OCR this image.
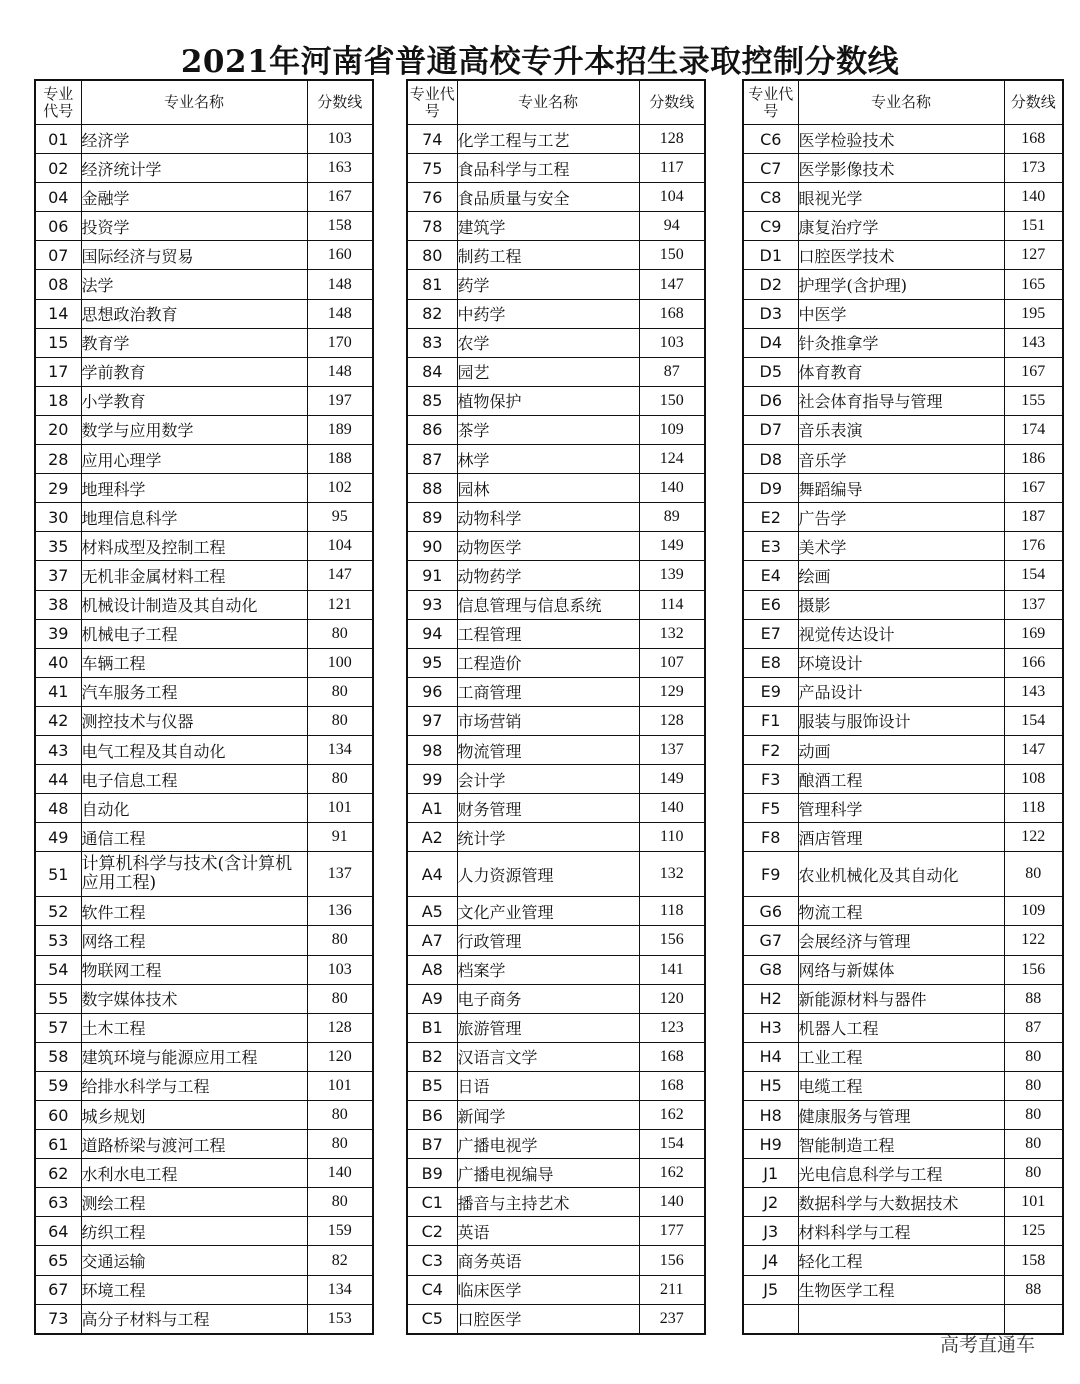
2021年河南省普通高校专升本招生录取控制分数线
专业代号	专业名称	分数线
01	经济学	103
02	经济统计学	163
04	金融学	167
06	投资学	158
07	国际经济与贸易	160
08	法学	148
14	思想政治教育	148
15	教育学	170
17	学前教育	148
18	小学教育	197
20	数学与应用数学	189
28	应用心理学	188
29	地理科学	102
30	地理信息科学	95
35	材料成型及控制工程	104
37	无机非金属材料工程	147
38	机械设计制造及其自动化	121
39	机械电子工程	80
40	车辆工程	100
41	汽车服务工程	80
42	测控技术与仪器	80
43	电气工程及其自动化	134
44	电子信息工程	80
48	自动化	101
49	通信工程	91
51	计算机科学与技术(含计算机应用工程)	137
52	软件工程	136
53	网络工程	80
54	物联网工程	103
55	数字媒体技术	80
57	土木工程	128
58	建筑环境与能源应用工程	120
59	给排水科学与工程	101
60	城乡规划	80
61	道路桥梁与渡河工程	80
62	水利水电工程	140
63	测绘工程	80
64	纺织工程	159
65	交通运输	82
67	环境工程	134
73	高分子材料与工程	153
专业代号	专业名称	分数线
74	化学工程与工艺	128
75	食品科学与工程	117
76	食品质量与安全	104
78	建筑学	94
80	制药工程	150
81	药学	147
82	中药学	168
83	农学	103
84	园艺	87
85	植物保护	150
86	茶学	109
87	林学	124
88	园林	140
89	动物科学	89
90	动物医学	149
91	动物药学	139
93	信息管理与信息系统	114
94	工程管理	132
95	工程造价	107
96	工商管理	129
97	市场营销	128
98	物流管理	137
99	会计学	149
A1	财务管理	140
A2	统计学	110
A4	人力资源管理	132
A5	文化产业管理	118
A7	行政管理	156
A8	档案学	141
A9	电子商务	120
B1	旅游管理	123
B2	汉语言文学	168
B5	日语	168
B6	新闻学	162
B7	广播电视学	154
B9	广播电视编导	162
C1	播音与主持艺术	140
C2	英语	177
C3	商务英语	156
C4	临床医学	211
C5	口腔医学	237
专业代号	专业名称	分数线
C6	医学检验技术	168
C7	医学影像技术	173
C8	眼视光学	140
C9	康复治疗学	151
D1	口腔医学技术	127
D2	护理学(含护理)	165
D3	中医学	195
D4	针灸推拿学	143
D5	体育教育	167
D6	社会体育指导与管理	155
D7	音乐表演	174
D8	音乐学	186
D9	舞蹈编导	167
E2	广告学	187
E3	美术学	176
E4	绘画	154
E6	摄影	137
E7	视觉传达设计	169
E8	环境设计	166
E9	产品设计	143
F1	服装与服饰设计	154
F2	动画	147
F3	酿酒工程	108
F5	管理科学	118
F8	酒店管理	122
F9	农业机械化及其自动化	80
G6	物流工程	109
G7	会展经济与管理	122
G8	网络与新媒体	156
H2	新能源材料与器件	88
H3	机器人工程	87
H4	工业工程	80
H5	电缆工程	80
H8	健康服务与管理	80
H9	智能制造工程	80
J1	光电信息科学与工程	80
J2	数据科学与大数据技术	101
J3	材料科学与工程	125
J4	轻化工程	158
J5	生物医学工程	88

高考直通车
